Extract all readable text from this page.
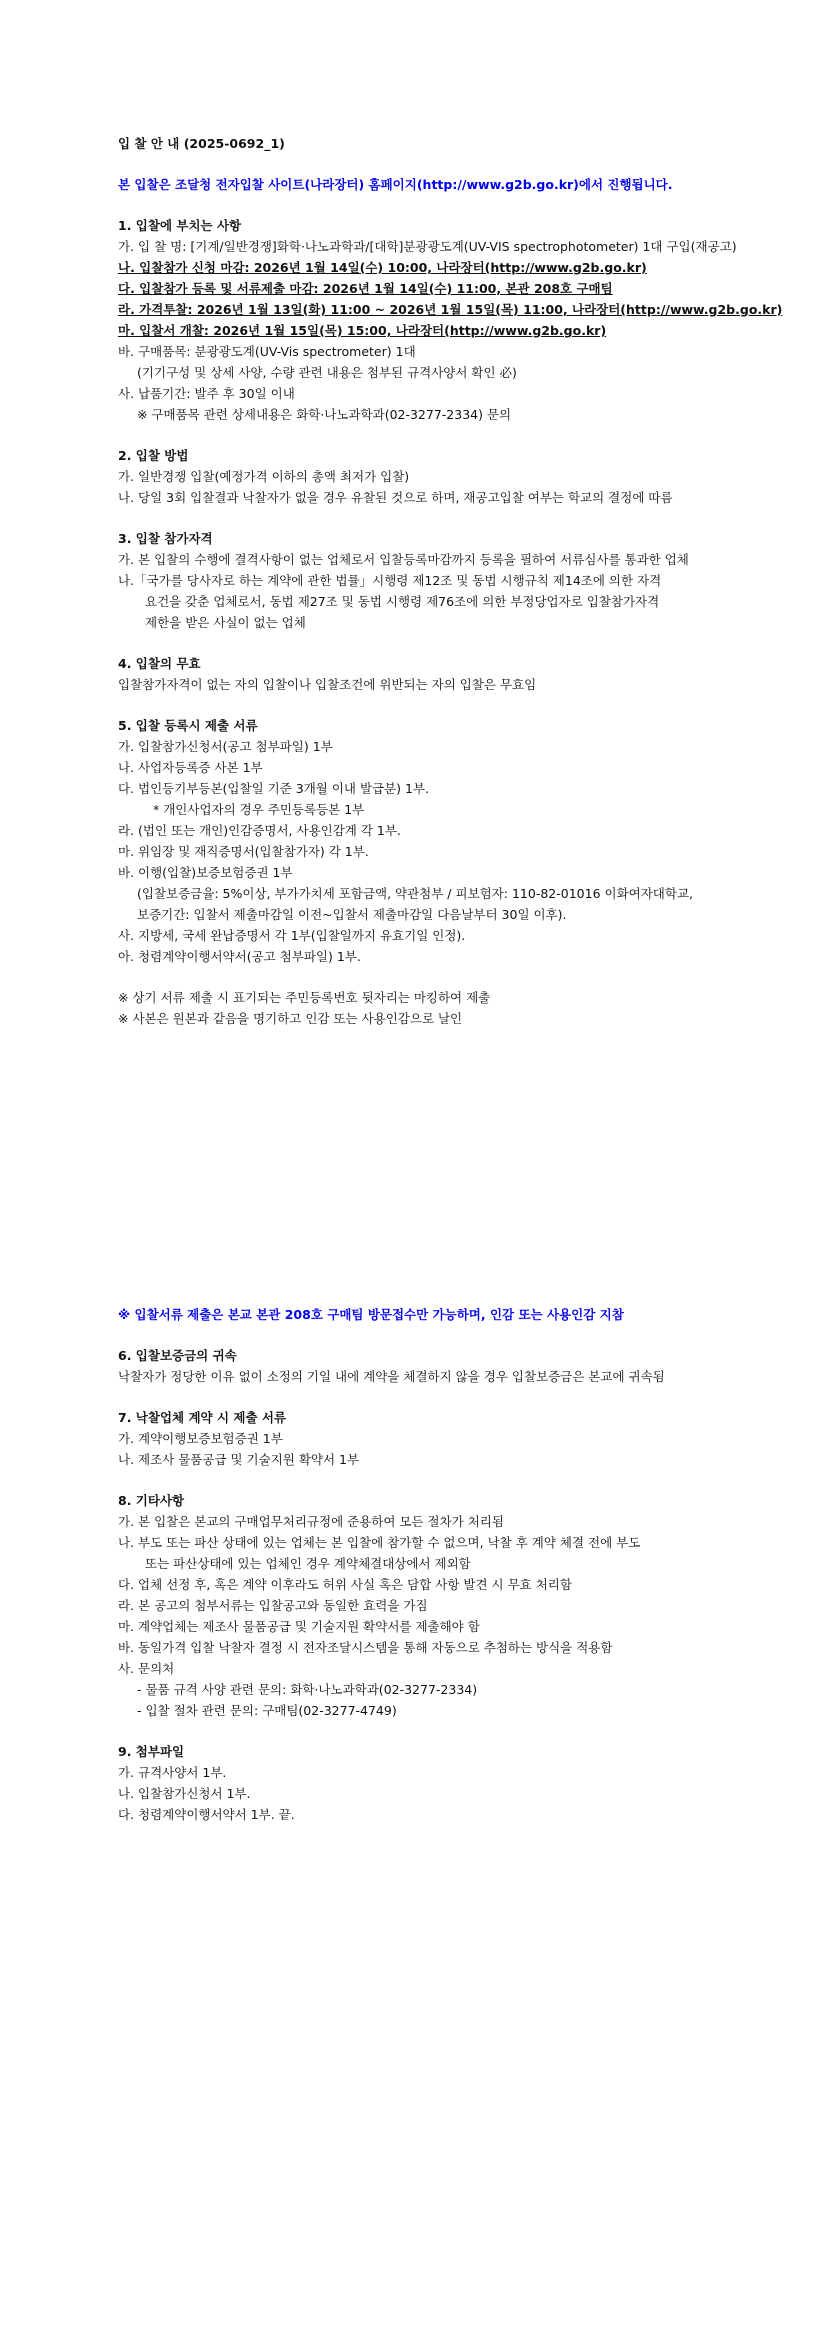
입 찰 안 내 (2025-0692_1)
본 입찰은 조달청 전자입찰 사이트(나라장터) 홈페이지(http://www.g2b.go.kr)에서 진행됩니다.
1. 입찰에 부치는 사항
가. 입 찰 명: [기계/일반경쟁]화학·나노과학과/[대학]분광광도계(UV-VIS spectrophotometer) 1대 구입(재공고)
나. 입찰참가 신청 마감: 2026년 1월 14일(수) 10:00, 나라장터(http://www.g2b.go.kr)
다. 입찰참가 등록 및 서류제출 마감: 2026년 1월 14일(수) 11:00, 본관 208호 구매팀
라. 가격투찰: 2026년 1월 13일(화) 11:00 ~ 2026년 1월 15일(목) 11:00, 나라장터(http://www.g2b.go.kr)
마. 입찰서 개찰: 2026년 1월 15일(목) 15:00, 나라장터(http://www.g2b.go.kr)
바. 구매품목: 분광광도계(UV-Vis spectrometer) 1대
(기기구성 및 상세 사양, 수량 관련 내용은 첨부된 규격사양서 확인 必)
사. 납품기간: 발주 후 30일 이내
※ 구매품목 관련 상세내용은 화학·나노과학과(02-3277-2334) 문의
2. 입찰 방법
가. 일반경쟁 입찰(예정가격 이하의 총액 최저가 입찰)
나. 당일 3회 입찰결과 낙찰자가 없을 경우 유찰된 것으로 하며, 재공고입찰 여부는 학교의 결정에 따름
3. 입찰 참가자격
가. 본 입찰의 수행에 결격사항이 없는 업체로서 입찰등록마감까지 등록을 필하여 서류심사를 통과한 업체
나.「국가를 당사자로 하는 계약에 관한 법률」시행령 제12조 및 동법 시행규칙 제14조에 의한 자격
요건을 갖춘 업체로서, 동법 제27조 및 동법 시행령 제76조에 의한 부정당업자로 입찰참가자격
제한을 받은 사실이 없는 업체
4. 입찰의 무효
입찰참가자격이 없는 자의 입찰이나 입찰조건에 위반되는 자의 입찰은 무효임
5. 입찰 등록시 제출 서류
가. 입찰참가신청서(공고 첨부파일) 1부
나. 사업자등록증 사본 1부
다. 법인등기부등본(입찰일 기준 3개월 이내 발급분) 1부.
* 개인사업자의 경우 주민등록등본 1부
라. (법인 또는 개인)인감증명서, 사용인감계 각 1부.
마. 위임장 및 재직증명서(입찰참가자) 각 1부.
바. 이행(입찰)보증보험증권 1부
(입찰보증금율: 5%이상, 부가가치세 포함금액, 약관첨부 / 피보험자: 110-82-01016 이화여자대학교,
보증기간: 입찰서 제출마감일 이전~입찰서 제출마감일 다음날부터 30일 이후).
사. 지방세, 국세 완납증명서 각 1부(입찰일까지 유효기일 인정).
아. 청렴계약이행서약서(공고 첨부파일) 1부.
※ 상기 서류 제출 시 표기되는 주민등록번호 뒷자리는 마킹하여 제출
※ 사본은 원본과 같음을 명기하고 인감 또는 사용인감으로 날인
※ 입찰서류 제출은 본교 본관 208호 구매팀 방문접수만 가능하며, 인감 또는 사용인감 지참
6. 입찰보증금의 귀속
낙찰자가 정당한 이유 없이 소정의 기일 내에 계약을 체결하지 않을 경우 입찰보증금은 본교에 귀속됨
7. 낙찰업체 계약 시 제출 서류
가. 계약이행보증보험증권 1부
나. 제조사 물품공급 및 기술지원 확약서 1부
8. 기타사항
가. 본 입찰은 본교의 구매업무처리규정에 준용하여 모든 절차가 처리됨
나. 부도 또는 파산 상태에 있는 업체는 본 입찰에 참가할 수 없으며, 낙찰 후 계약 체결 전에 부도
또는 파산상태에 있는 업체인 경우 계약체결대상에서 제외함
다. 업체 선정 후, 혹은 계약 이후라도 허위 사실 혹은 담합 사항 발견 시 무효 처리함
라. 본 공고의 첨부서류는 입찰공고와 동일한 효력을 가짐
마. 계약업체는 제조사 물품공급 및 기술지원 확약서를 제출해야 함
바. 동일가격 입찰 낙찰자 결정 시 전자조달시스템을 통해 자동으로 추첨하는 방식을 적용함
사. 문의처
- 물품 규격 사양 관련 문의: 화학·나노과학과(02-3277-2334)
- 입찰 절차 관련 문의: 구매팀(02-3277-4749)
9. 첨부파일
가. 규격사양서 1부.
나. 입찰참가신청서 1부.
다. 청렴계약이행서약서 1부. 끝.
